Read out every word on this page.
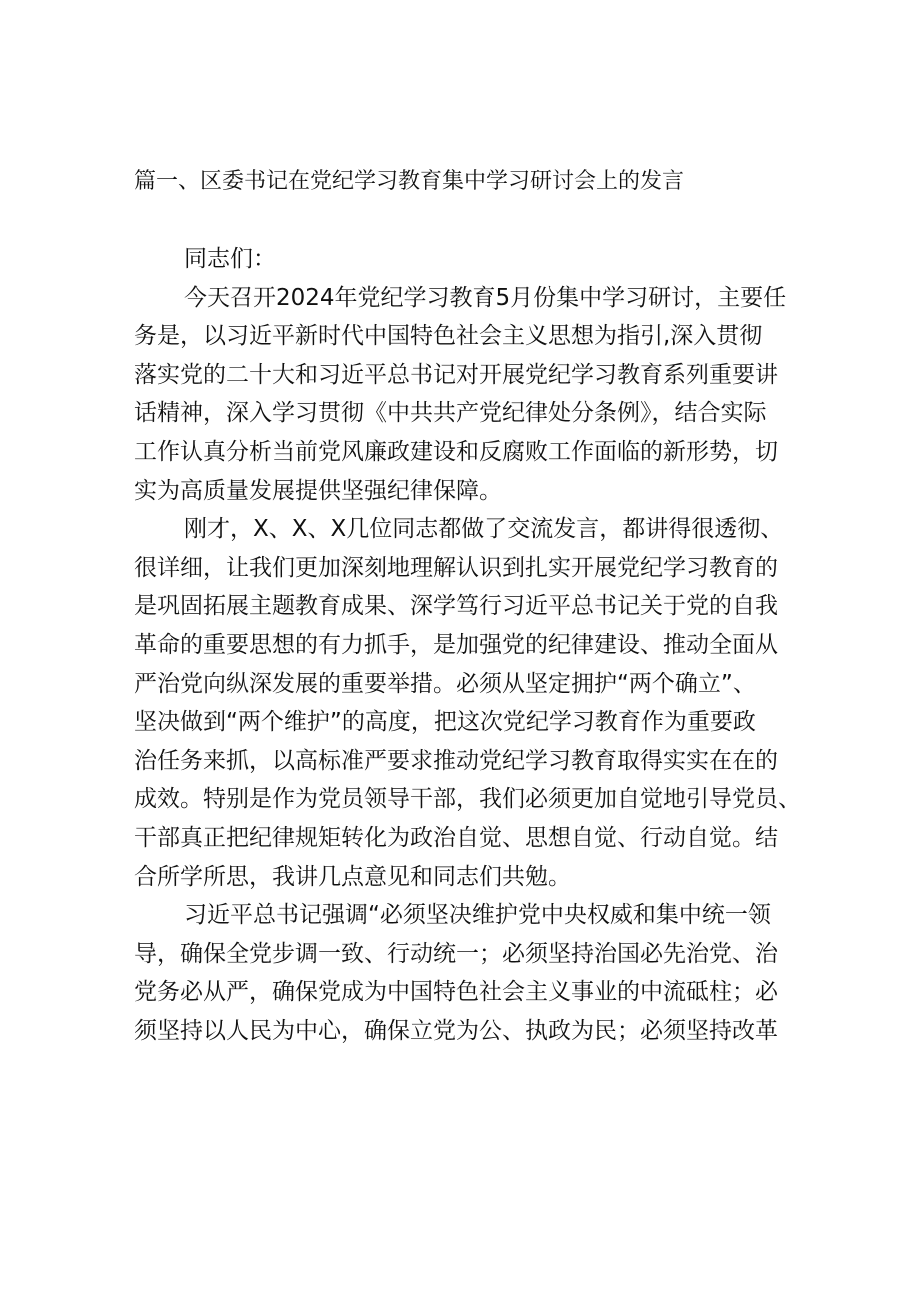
篇一、区委书记在党纪学习教育集中学习研讨会上的发言
同志们：
今天召开2024年党纪学习教育5月份集中学习研讨，主要任
务是，以习近平新时代中国特色社会主义思想为指引,深入贯彻
落实党的二十大和习近平总书记对开展党纪学习教育系列重要讲
话精神，深入学习贯彻《中共共产党纪律处分条例》，结合实际
工作认真分析当前党风廉政建设和反腐败工作面临的新形势，切
实为高质量发展提供坚强纪律保障。
刚才，X、X、X几位同志都做了交流发言，都讲得很透彻、
很详细，让我们更加深刻地理解认识到扎实开展党纪学习教育的
是巩固拓展主题教育成果、深学笃行习近平总书记关于党的自我
革命的重要思想的有力抓手，是加强党的纪律建设、推动全面从
严治党向纵深发展的重要举措。必须从坚定拥护“两个确立”、
坚决做到“两个维护”的高度，把这次党纪学习教育作为重要政
治任务来抓，以高标准严要求推动党纪学习教育取得实实在在的
成效。特别是作为党员领导干部，我们必须更加自觉地引导党员、
干部真正把纪律规矩转化为政治自觉、思想自觉、行动自觉。结
合所学所思，我讲几点意见和同志们共勉。
习近平总书记强调“必须坚决维护党中央权威和集中统一领
导，确保全党步调一致、行动统一；必须坚持治国必先治党、治
党务必从严，确保党成为中国特色社会主义事业的中流砥柱；必
须坚持以人民为中心，确保立党为公、执政为民；必须坚持改革
